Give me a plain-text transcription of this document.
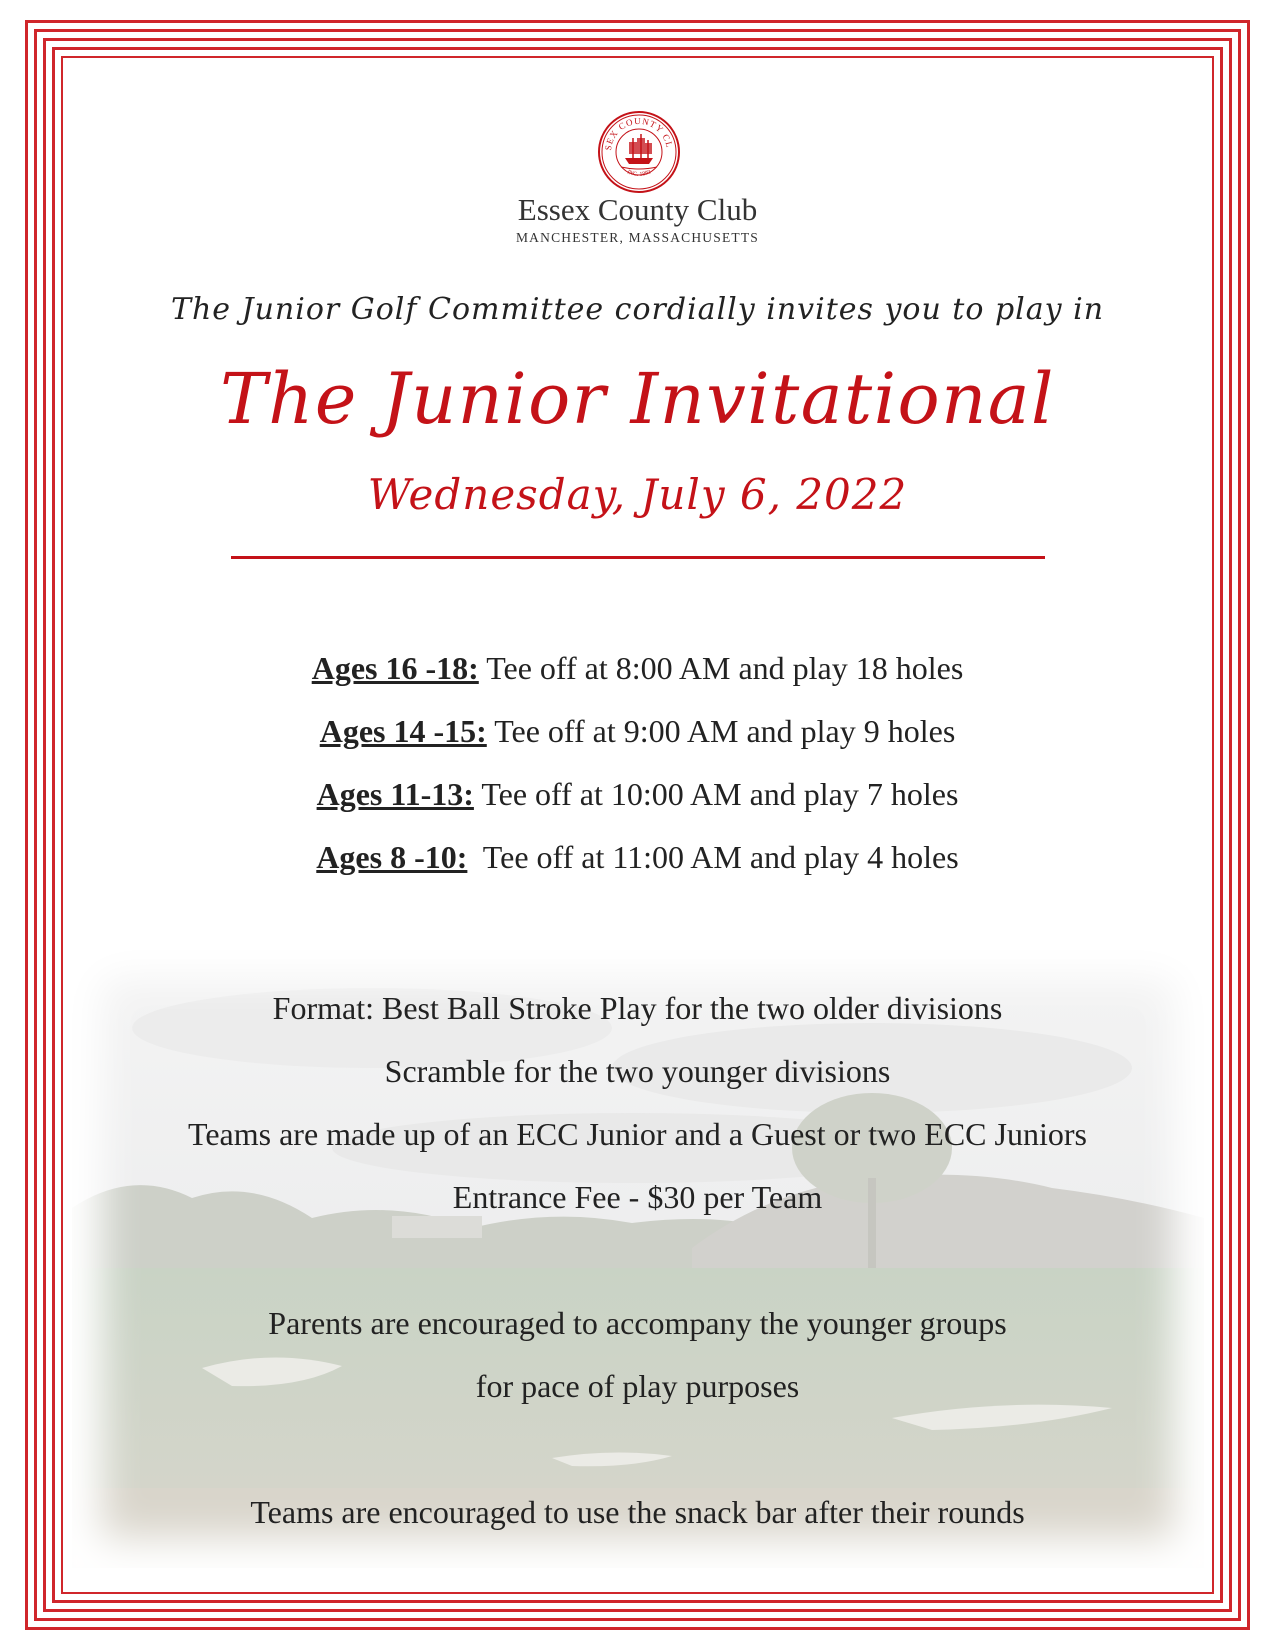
SEX COUNTY CL
INC. 1893
Essex County Club
MANCHESTER, MASSACHUSETTS
The Junior Golf Committee cordially invites you to play in
The Junior Invitational
Wednesday, July 6, 2022
Ages 16 -18: Tee off at 8:00 AM and play 18 holes
Ages 14 -15: Tee off at 9:00 AM and play 9 holes
Ages 11-13: Tee off at 10:00 AM and play 7 holes
Ages 8 -10:  Tee off at 11:00 AM and play 4 holes
Format: Best Ball Stroke Play for the two older divisions
Scramble for the two younger divisions
Teams are made up of an ECC Junior and a Guest or two ECC Juniors
Entrance Fee - $30 per Team
Parents are encouraged to accompany the younger groups
for pace of play purposes
Teams are encouraged to use the snack bar after their rounds
